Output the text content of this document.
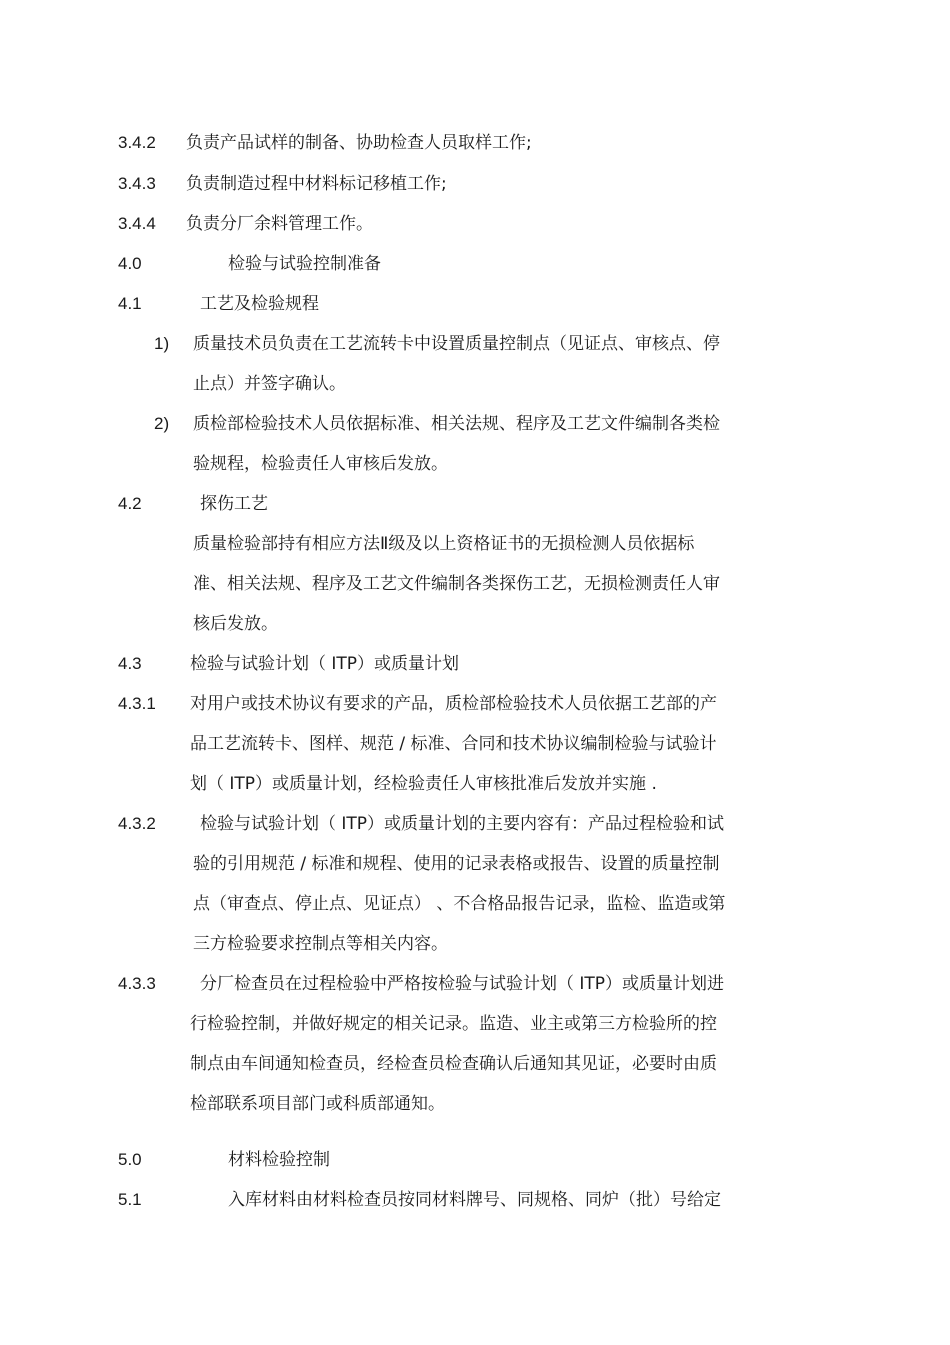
3.4.2 负责产品试样的制备、协助检查人员取样工作;
3.4.3 负责制造过程中材料标记移植工作;
3.4.4 负责分厂余料管理工作。
4.0	检验与试验控制准备
4.1	工艺及检验规程
1) 质量技术员负责在工艺流转卡中设置质量控制点（见证点、审核点、停
止点）并签字确认。
2) 质检部检验技术人员依据标准、相关法规、程序及工艺文件编制各类检
验规程，检验责任人审核后发放。
4.2	探伤工艺
质量检验部持有相应方法Ⅱ级及以上资格证书的无损检测人员依据标
准、相关法规、程序及工艺文件编制各类探伤工艺，无损检测责任人审
核后发放。
4.3	检验与试验计划（ ITP）或质量计划
4.3.1 对用户或技术协议有要求的产品，质检部检验技术人员依据工艺部的产
品工艺流转卡、图样、规范 / 标准、合同和技术协议编制检验与试验计
划（ ITP）或质量计划，经检验责任人审核批准后发放并实施 .
4.3.2	检验与试验计划（ ITP）或质量计划的主要内容有：产品过程检验和试
验的引用规范 / 标准和规程、使用的记录表格或报告、设置的质量控制
点（审查点、停止点、见证点） 、不合格品报告记录，监检、监造或第
三方检验要求控制点等相关内容。
4.3.3	分厂检查员在过程检验中严格按检验与试验计划（ ITP）或质量计划进
行检验控制，并做好规定的相关记录。监造、业主或第三方检验所的控
制点由车间通知检查员，经检查员检查确认后通知其见证，必要时由质
检部联系项目部门或科质部通知。
5.0	材料检验控制
5.1	入库材料由材料检查员按同材料牌号、同规格、同炉（批）号给定
